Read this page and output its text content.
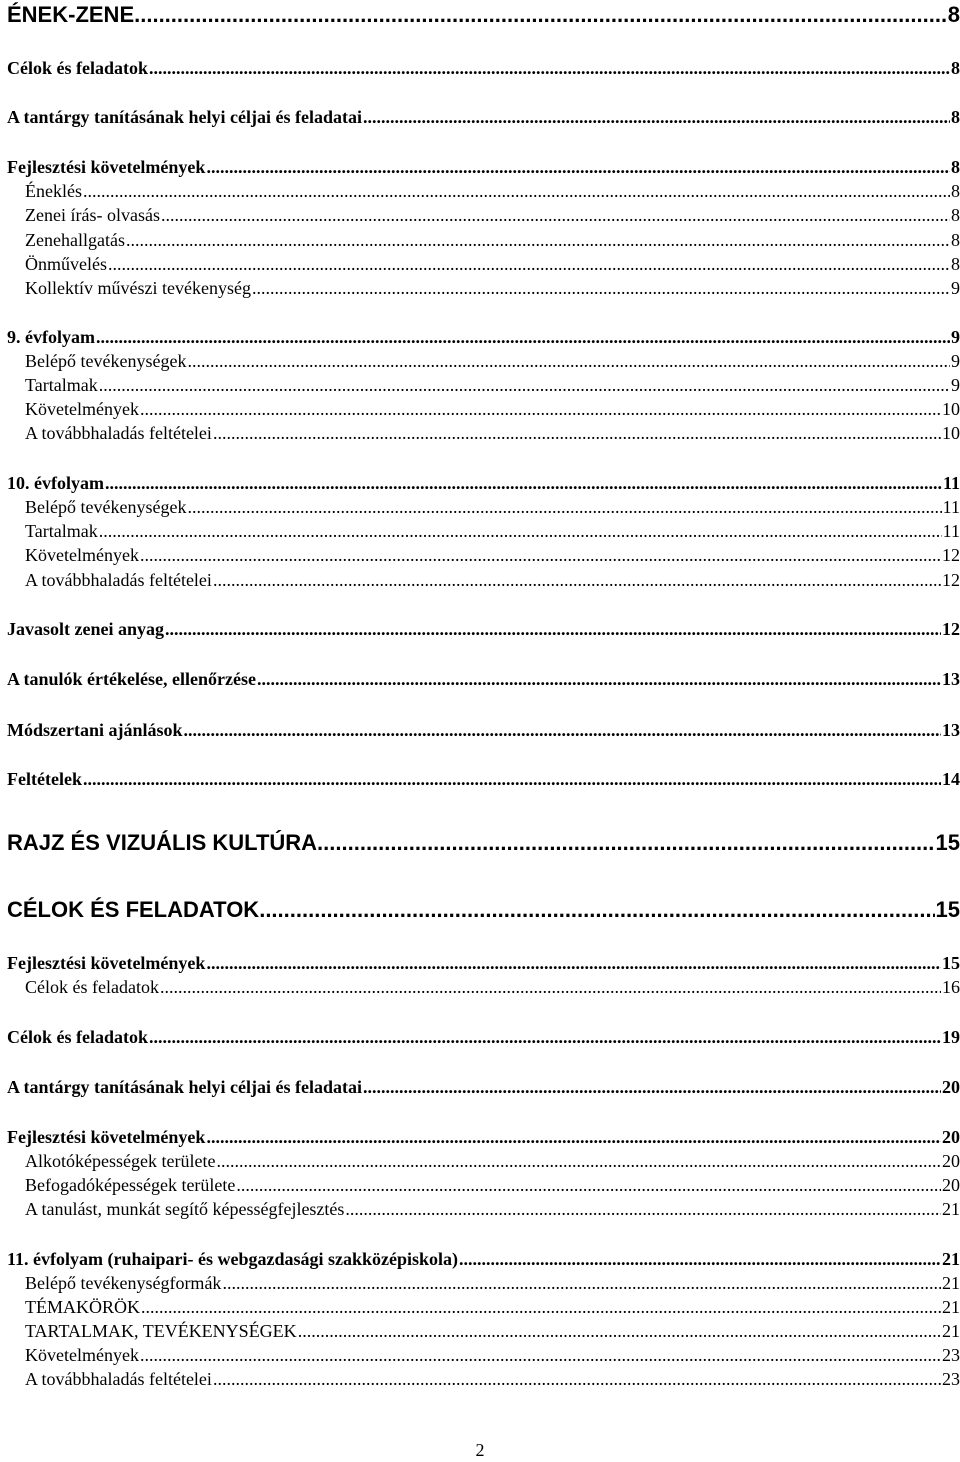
ÉNEK-ZENE .....	8
Célok és feladatok .....	8
A tantárgy tanításának helyi céljai és feladatai .....	8
Fejlesztési követelmények .....	8
Éneklés .....	8
Zenei írás- olvasás .....	8
Zenehallgatás .....	8
Önművelés .....	8
Kollektív művészi tevékenység .....	9
9. évfolyam .....	9
Belépő tevékenységek .....	9
Tartalmak .....	9
Követelmények .....	10
A továbbhaladás feltételei .....	10
10. évfolyam .....	11
Belépő tevékenységek .....	11
Tartalmak .....	11
Követelmények .....	12
A továbbhaladás feltételei .....	12
Javasolt zenei anyag .....	12
A tanulók értékelése, ellenőrzése .....	13
Módszertani ajánlások .....	13
Feltételek .....	14
RAJZ ÉS VIZUÁLIS KULTÚRA .....	15
CÉLOK ÉS FELADATOK .....	15
Fejlesztési követelmények .....	15
Célok és feladatok .....	16
Célok és feladatok .....	19
A tantárgy tanításának helyi céljai és feladatai .....	20
Fejlesztési követelmények .....	20
Alkotóképességek területe .....	20
Befogadóképességek területe .....	20
A tanulást, munkát segítő képességfejlesztés .....	21
11. évfolyam (ruhaipari- és webgazdasági szakközépiskola) .....	21
Belépő tevékenységformák .....	21
TÉMAKÖRÖK .....	21
TARTALMAK, TEVÉKENYSÉGEK .....	21
Követelmények .....	23
A továbbhaladás feltételei .....	23
2
